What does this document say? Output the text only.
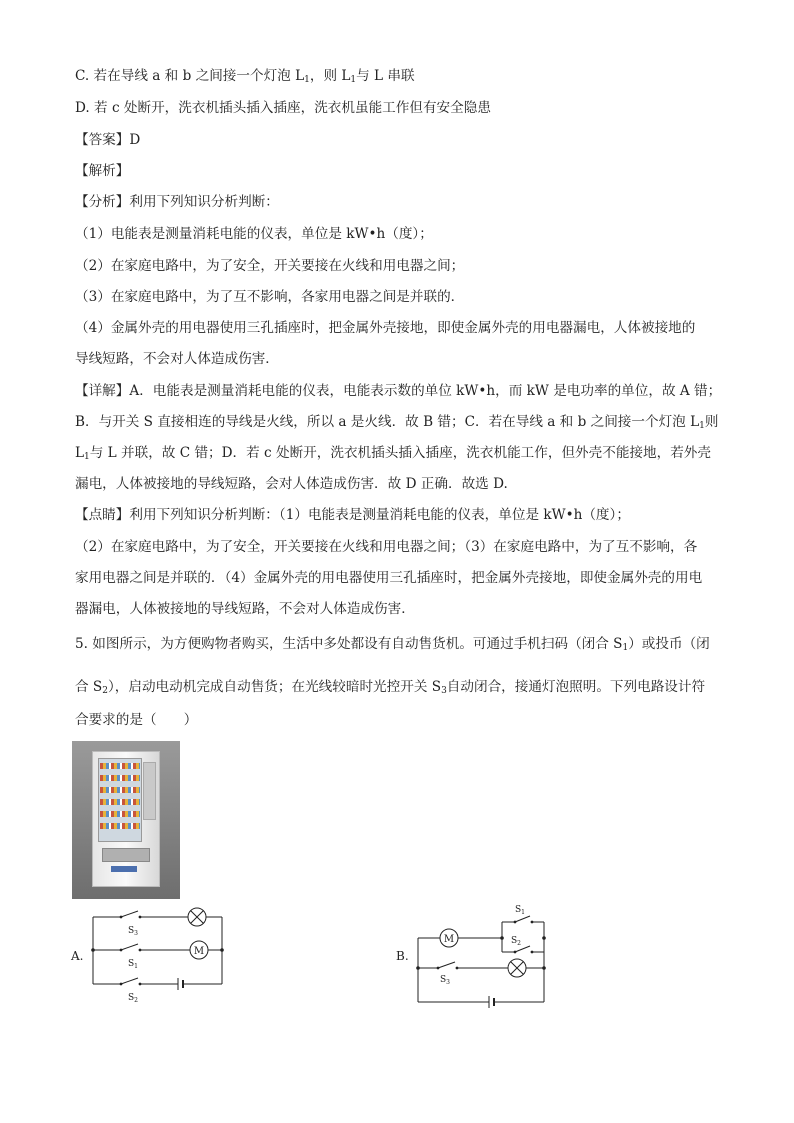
C. 若在导线 a 和 b 之间接一个灯泡 $L_1$，则 $L_1$与 L 串联
D. 若 c 处断开，洗衣机插头插入插座，洗衣机虽能工作但有安全隐患
【答案】D
【解析】
【分析】利用下列知识分析判断：
（1）电能表是测量消耗电能的仪表，单位是 kW•h（度）；
（2）在家庭电路中，为了安全，开关要接在火线和用电器之间；
（3）在家庭电路中，为了互不影响，各家用电器之间是并联的．
（4）金属外壳的用电器使用三孔插座时，把金属外壳接地，即使金属外壳的用电器漏电，人体被接地的
导线短路，不会对人体造成伤害．
【详解】A．电能表是测量消耗电能的仪表，电能表示数的单位 kW•h，而 kW 是电功率的单位，故 A 错；
B．与开关 S 直接相连的导线是火线，所以 a 是火线．故 B 错；C．若在导线 a 和 b 之间接一个灯泡 $L_1$则
$L_1$与 L 并联，故 C 错；D．若 c 处断开，洗衣机插头插入插座，洗衣机能工作，但外壳不能接地，若外壳
漏电，人体被接地的导线短路，会对人体造成伤害．故 D 正确．故选 D.
【点睛】利用下列知识分析判断：（1）电能表是测量消耗电能的仪表，单位是 kW•h（度）；
（2）在家庭电路中，为了安全，开关要接在火线和用电器之间；（3）在家庭电路中，为了互不影响，各
家用电器之间是并联的．（4）金属外壳的用电器使用三孔插座时，把金属外壳接地，即使金属外壳的用电
器漏电，人体被接地的导线短路，不会对人体造成伤害．
5. 如图所示，为方便购物者购买，生活中多处都设有自动售货机。可通过手机扫码（闭合 $S_1$）或投币（闭
合 $S_2$），启动电动机完成自动售货；在光线较暗时光控开关 $S_3$自动闭合，接通灯泡照明。下列电路设计符
合要求的是（　　）
M
$S_3$
$S_1$
$S_2$
A.
M
$S_1$
$S_2$
$S_3$
B.
